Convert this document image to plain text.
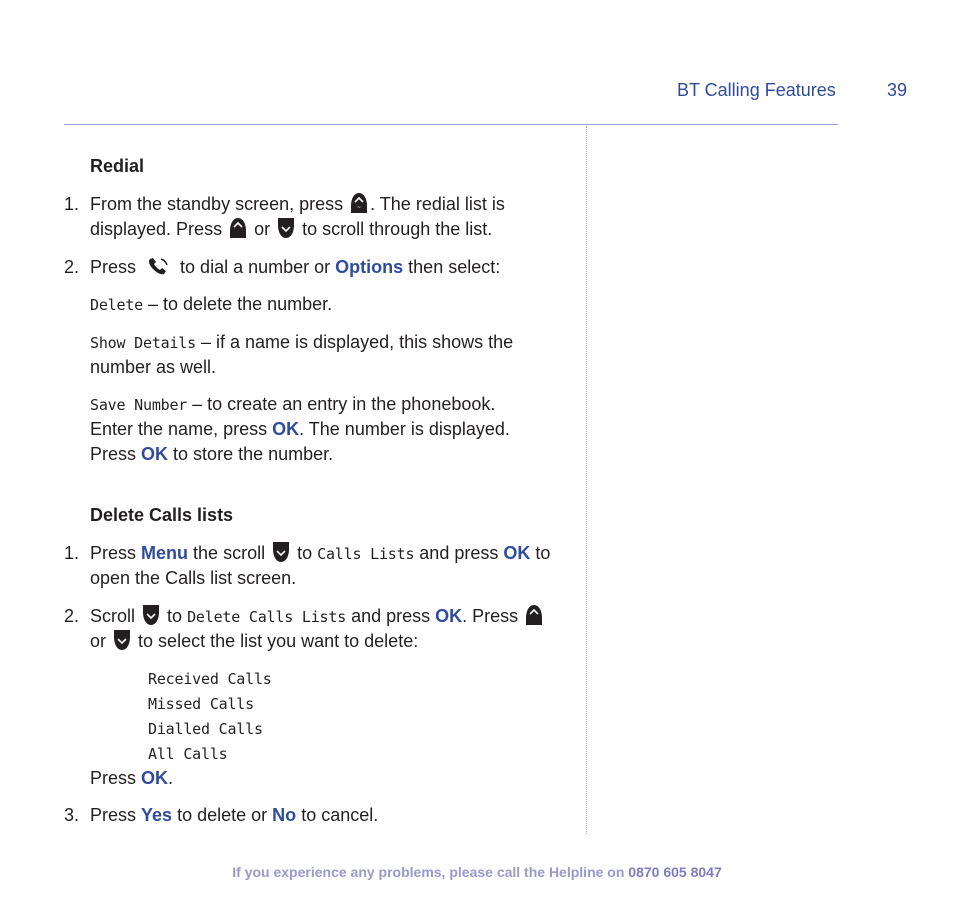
BT Calling Features	39
Redial
1. From the standby screen, press	~ . The redial list is
displayed. Press or to scroll through the list.
2. Press to dial a number or Options then select:
Delete – to delete the number.
Show Details – if a name is displayed, this shows the
number as well.
Save Number – to create an entry in the phonebook.
Enter the name, press OK. The number is displayed.
Press OK to store the number.
Delete Calls lists
1. Press Menu the scroll to Calls Lists and press OK to
open the Calls list screen.
2. Scroll to Delete Calls Lists and press OK. Press
or to select the list you want to delete:
Received Calls
Missed Calls
Dialled Calls
All Calls
Press OK.
3. Press Yes to delete or No to cancel.
If you experience any problems, please call the Helpline on 0870 605 8047
